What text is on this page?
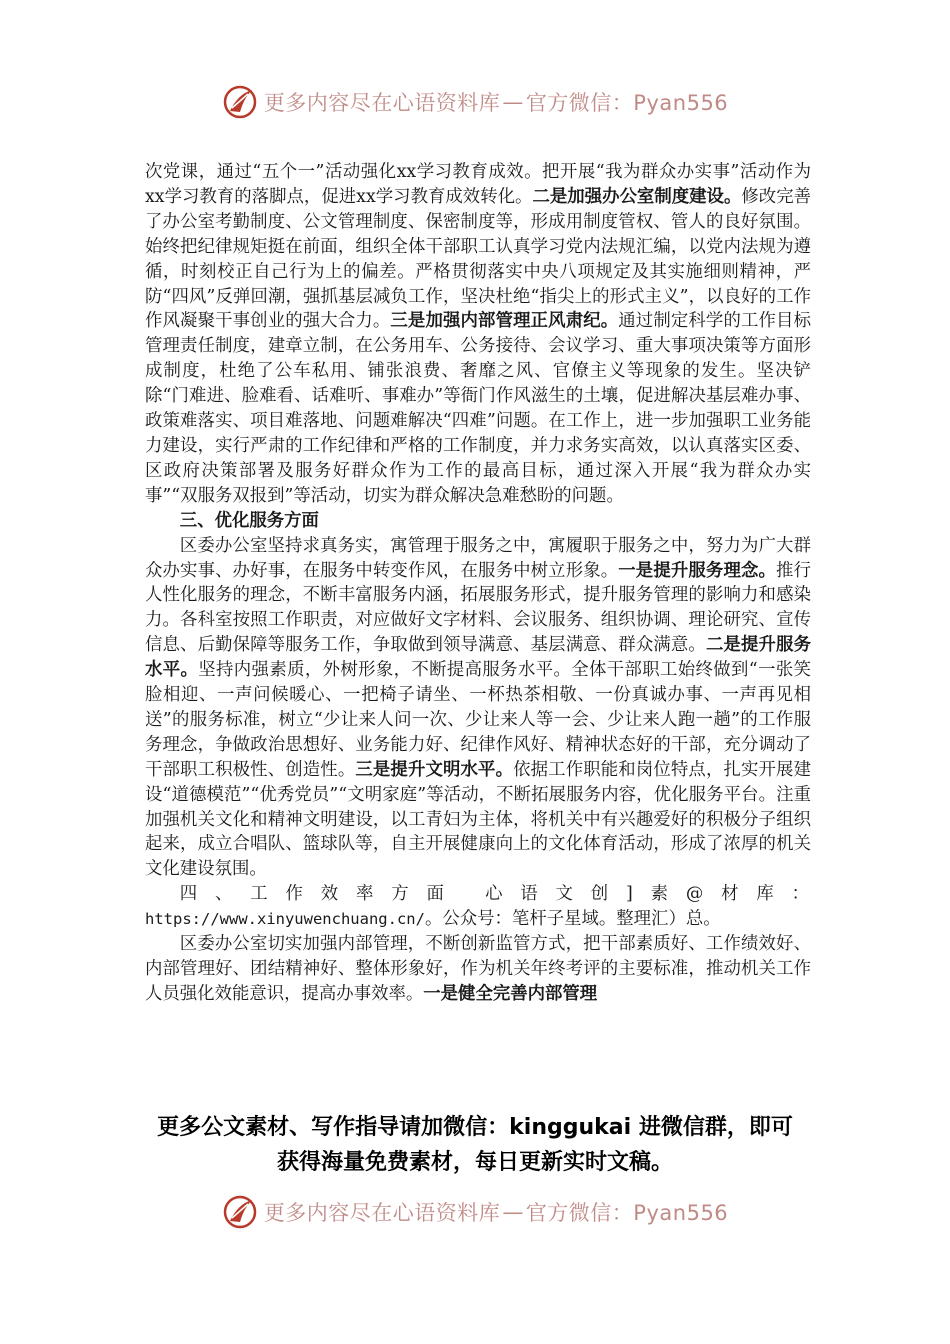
更多内容尽在心语资料库 — 官方微信：Pyan556

次党课，通过“五个一”活动强化xx学习教育成效。把开展“我为群众办实事”活动作为xx学习教育的落脚点，促进xx学习教育成效转化。二是加强办公室制度建设。修改完善了办公室考勤制度、公文管理制度、保密制度等，形成用制度管权、管人的良好氛围。始终把纪律规矩挺在前面，组织全体干部职工认真学习党内法规汇编，以党内法规为遵循，时刻校正自己行为上的偏差。严格贯彻落实中央八项规定及其实施细则精神，严防“四风”反弹回潮，强抓基层减负工作，坚决杜绝“指尖上的形式主义”，以良好的工作作风凝聚干事创业的强大合力。三是加强内部管理正风肃纪。通过制定科学的工作目标管理责任制度，建章立制，在公务用车、公务接待、会议学习、重大事项决策等方面形成制度，杜绝了公车私用、铺张浪费、奢靡之风、官僚主义等现象的发生。坚决铲除“门难进、脸难看、话难听、事难办”等衙门作风滋生的土壤，促进解决基层难办事、政策难落实、项目难落地、问题难解决“四难”问题。在工作上，进一步加强职工业务能力建设，实行严肃的工作纪律和严格的工作制度，并力求务实高效，以认真落实区委、区政府决策部署及服务好群众作为工作的最高目标，通过深入开展“我为群众办实事”“双服务双报到”等活动，切实为群众解决急难愁盼的问题。

三、优化服务方面

区委办公室坚持求真务实，寓管理于服务之中，寓履职于服务之中，努力为广大群众办实事、办好事，在服务中转变作风，在服务中树立形象。一是提升服务理念。推行人性化服务的理念，不断丰富服务内涵，拓展服务形式，提升服务管理的影响力和感染力。各科室按照工作职责，对应做好文字材料、会议服务、组织协调、理论研究、宣传信息、后勤保障等服务工作，争取做到领导满意、基层满意、群众满意。二是提升服务水平。坚持内强素质，外树形象，不断提高服务水平。全体干部职工始终做到“一张笑脸相迎、一声问候暖心、一把椅子请坐、一杯热茶相敬、一份真诚办事、一声再见相送”的服务标准，树立“少让来人问一次、少让来人等一会、少让来人跑一趟”的工作服务理念，争做政治思想好、业务能力好、纪律作风好、精神状态好的干部，充分调动了干部职工积极性、创造性。三是提升文明水平。依据工作职能和岗位特点，扎实开展建设“道德模范”“优秀党员”“文明家庭”等活动，不断拓展服务内容，优化服务平台。注重加强机关文化和精神文明建设，以工青妇为主体，将机关中有兴趣爱好的积极分子组织起来，成立合唱队、篮球队等，自主开展健康向上的文化体育活动，形成了浓厚的机关文化建设氛围。

四、工作效率方面 心语文创]素@材库：

https://www.xinyuwenchuang.cn/。公众号：笔杆子星域。整理汇）总。

区委办公室切实加强内部管理，不断创新监管方式，把干部素质好、工作绩效好、内部管理好、团结精神好、整体形象好，作为机关年终考评的主要标准，推动机关工作人员强化效能意识，提高办事效率。一是健全完善内部管理

更多公文素材、写作指导请加微信：kinggukai 进微信群，即可
获得海量免费素材，每日更新实时文稿。
更多内容尽在心语资料库 — 官方微信：Pyan556
